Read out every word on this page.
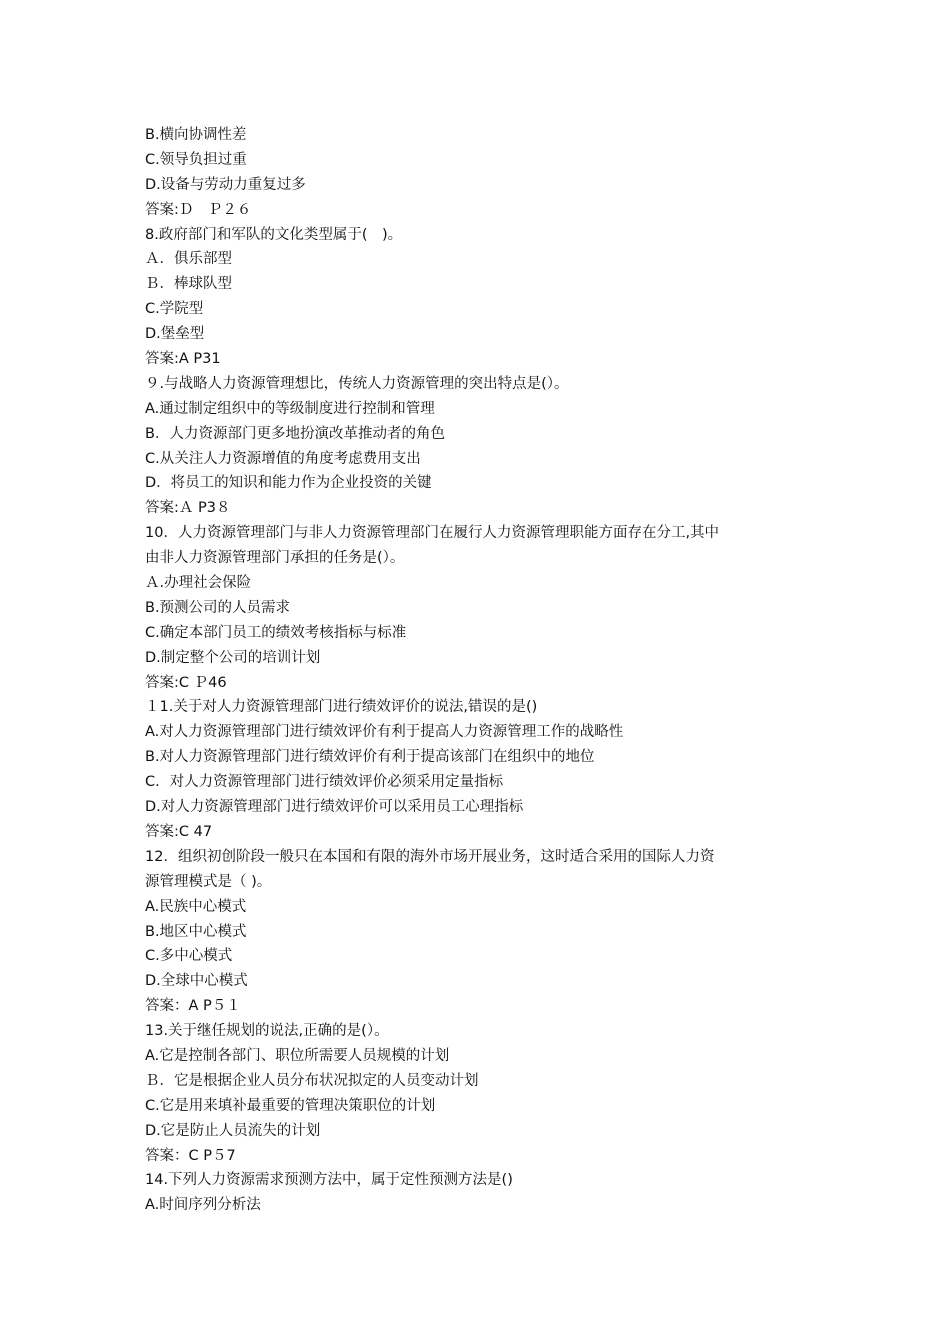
B.横向协调性差
C.领导负担过重
D.设备与劳动力重复过多
答案:Ｄ　Ｐ２６
8.政府部门和军队的文化类型属于(　)。
Ａ．俱乐部型
Ｂ．棒球队型
C.学院型
D.堡垒型
答案:A P31
９.与战略人力资源管理想比，传统人力资源管理的突出特点是(）。
A.通过制定组织中的等级制度进行控制和管理
B．人力资源部门更多地扮演改革推动者的角色
C.从关注人力资源增值的角度考虑费用支出
D．将员工的知识和能力作为企业投资的关键
答案:Ａ P3８
10．人力资源管理部门与非人力资源管理部门在履行人力资源管理职能方面存在分工,其中
由非人力资源管理部门承担的任务是(）。
Ａ.办理社会保险
B.预测公司的人员需求
C.确定本部门员工的绩效考核指标与标准
D.制定整个公司的培训计划
答案:C Ｐ46
１1.关于对人力资源管理部门进行绩效评价的说法,错误的是()
A.对人力资源管理部门进行绩效评价有利于提高人力资源管理工作的战略性
B.对人力资源管理部门进行绩效评价有利于提高该部门在组织中的地位
C．对人力资源管理部门进行绩效评价必须采用定量指标
D.对人力资源管理部门进行绩效评价可以采用员工心理指标
答案:C 47
12．组织初创阶段一般只在本国和有限的海外市场开展业务，这时适合采用的国际人力资
源管理模式是（ )。
A.民族中心模式
B.地区中心模式
C.多中心模式
D.全球中心模式
答案：A P５１
13.关于继任规划的说法,正确的是(）。
A.它是控制各部门、职位所需要人员规模的计划
Ｂ．它是根据企业人员分布状况拟定的人员变动计划
C.它是用来填补最重要的管理决策职位的计划
D.它是防止人员流失的计划
答案：C P５7
14.下列人力资源需求预测方法中，属于定性预测方法是()
A.时间序列分析法
